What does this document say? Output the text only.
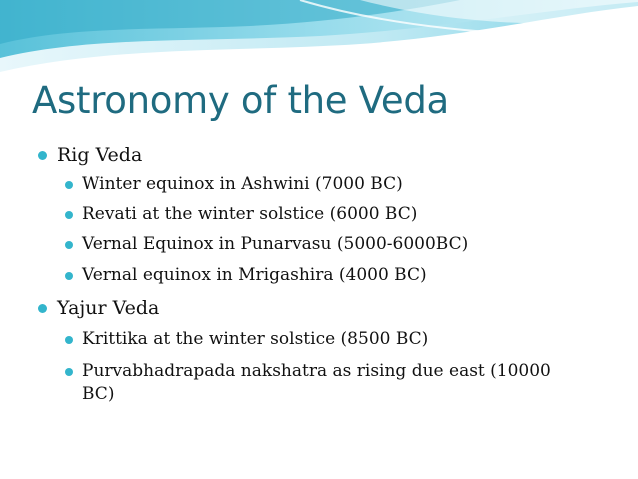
Astronomy of the Veda
Rig Veda
Winter equinox in Ashwini (7000 BC)
Revati at the winter solstice (6000 BC)
Vernal Equinox in Punarvasu (5000-6000BC)
Vernal equinox in Mrigashira (4000 BC)
Yajur Veda
Krittika at the winter solstice (8500 BC)
Purvabhadrapada nakshatra as rising due east (10000 BC)
